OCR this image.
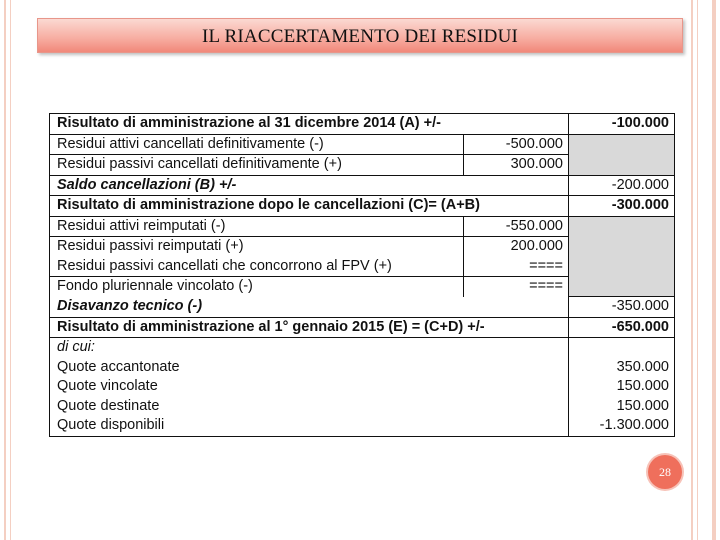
IL RIACCERTAMENTO DEI RESIDUI
Risultato di amministrazione al 31 dicembre 2014 (A) +/-		-100.000
Residui attivi cancellati definitivamente (-)	-500.000	
Residui passivi cancellati definitivamente (+)	300.000	
Saldo cancellazioni (B) +/-		-200.000
Risultato di amministrazione dopo le cancellazioni (C)= (A+B)		-300.000
Residui attivi reimputati (-)	-550.000	
Residui passivi reimputati (+)	200.000	
Residui passivi cancellati che concorrono al FPV (+)	====	
Fondo pluriennale vincolato (-)	====	
Disavanzo tecnico (-)		-350.000
Risultato di amministrazione al 1° gennaio 2015 (E) = (C+D) +/-		-650.000
di cui:		
Quote accantonate		350.000
Quote vincolate		150.000
Quote destinate		150.000
Quote disponibili		-1.300.000
28
